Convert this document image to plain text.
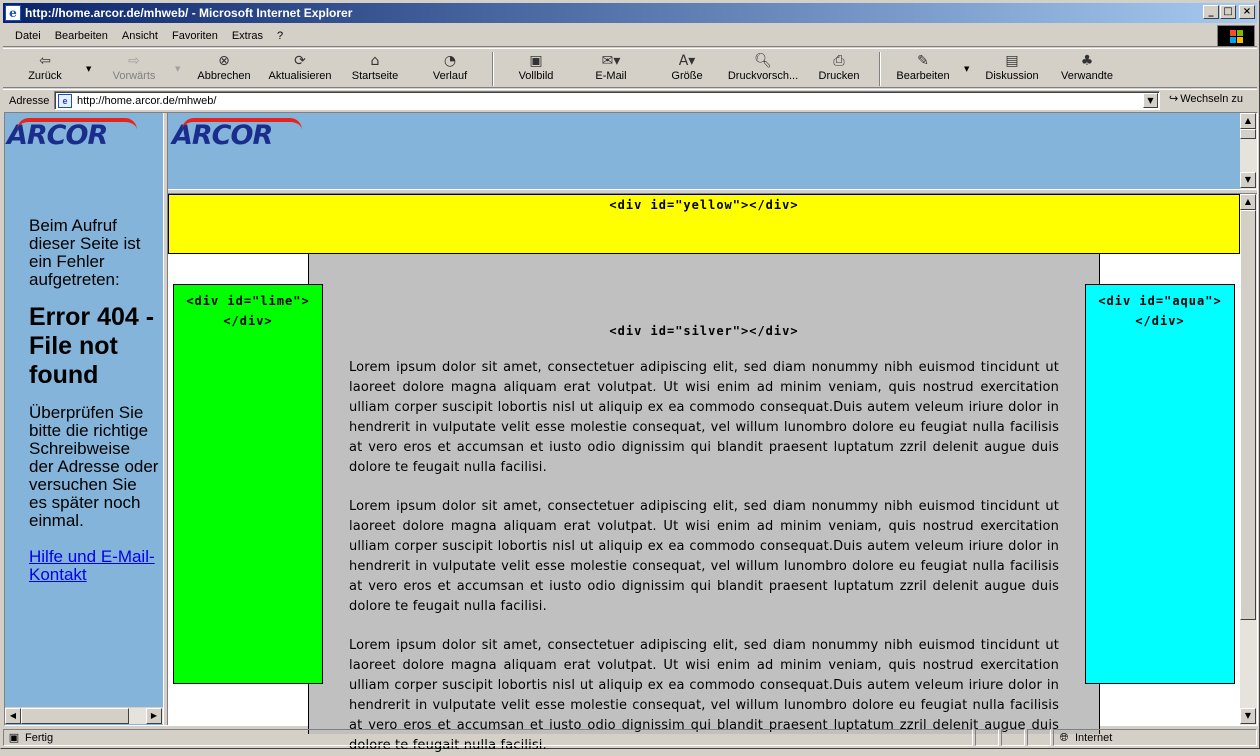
e http://home.arcor.de/mhweb/ - Microsoft Internet Explorer	_ □	×
Datei	Bearbeiten	Ansicht	Favoriten	Extras	?
⇦
Zurück
▼	⇨
Vorwärts
▼	⊗
Abbrechen
⟳
Aktualisieren
⌂
Startseite
◔
Verlauf
▣
Vollbild
✉▾
E-Mail
A▾
Größe
🔍︎
Druckvorsch...
⎙
Drucken
✎
Bearbeiten
▼	▤
Diskussion
♣
Verwandte
Adresse	e http://home.arcor.de/mhweb/	▼	↪ Wechseln zu
ARCOR
Beim Aufruf dieser Seite ist ein Fehler aufgetreten:
Error 404 - File not found
Überprüfen Sie bitte die richtige Schreibweise der Adresse oder versuchen Sie es später noch einmal.
Hilfe und E-Mail-Kontakt
◀	▶
ARCOR	▲
▼
<div id="yellow"></div>
<div id="silver"></div>

Lorem ipsum dolor sit amet, consectetuer adipiscing elit, sed diam nonummy nibh euismod tincidunt ut laoreet dolore magna aliquam erat volutpat. Ut wisi enim ad minim veniam, quis nostrud exercitation ulliam corper suscipit lobortis nisl ut aliquip ex ea commodo consequat.Duis autem veleum iriure dolor in hendrerit in vulputate velit esse molestie consequat, vel willum lunombro dolore eu feugiat nulla facilisis at vero eros et accumsan et iusto odio dignissim qui blandit praesent luptatum zzril delenit augue duis dolore te feugait nulla facilisi.

Lorem ipsum dolor sit amet, consectetuer adipiscing elit, sed diam nonummy nibh euismod tincidunt ut laoreet dolore magna aliquam erat volutpat. Ut wisi enim ad minim veniam, quis nostrud exercitation ulliam corper suscipit lobortis nisl ut aliquip ex ea commodo consequat.Duis autem veleum iriure dolor in hendrerit in vulputate velit esse molestie consequat, vel willum lunombro dolore eu feugiat nulla facilisis at vero eros et accumsan et iusto odio dignissim qui blandit praesent luptatum zzril delenit augue duis dolore te feugait nulla facilisi.

Lorem ipsum dolor sit amet, consectetuer adipiscing elit, sed diam nonummy nibh euismod tincidunt ut laoreet dolore magna aliquam erat volutpat. Ut wisi enim ad minim veniam, quis nostrud exercitation ulliam corper suscipit lobortis nisl ut aliquip ex ea commodo consequat.Duis autem veleum iriure dolor in hendrerit in vulputate velit esse molestie consequat, vel willum lunombro dolore eu feugiat nulla facilisis at vero eros et accumsan et iusto odio dignissim qui blandit praesent luptatum zzril delenit augue duis dolore te feugait nulla facilisi.

<div id="lime"></div>
<div id="aqua"></div>
▲
▼
▣ Fertig	🌐︎ Internet
